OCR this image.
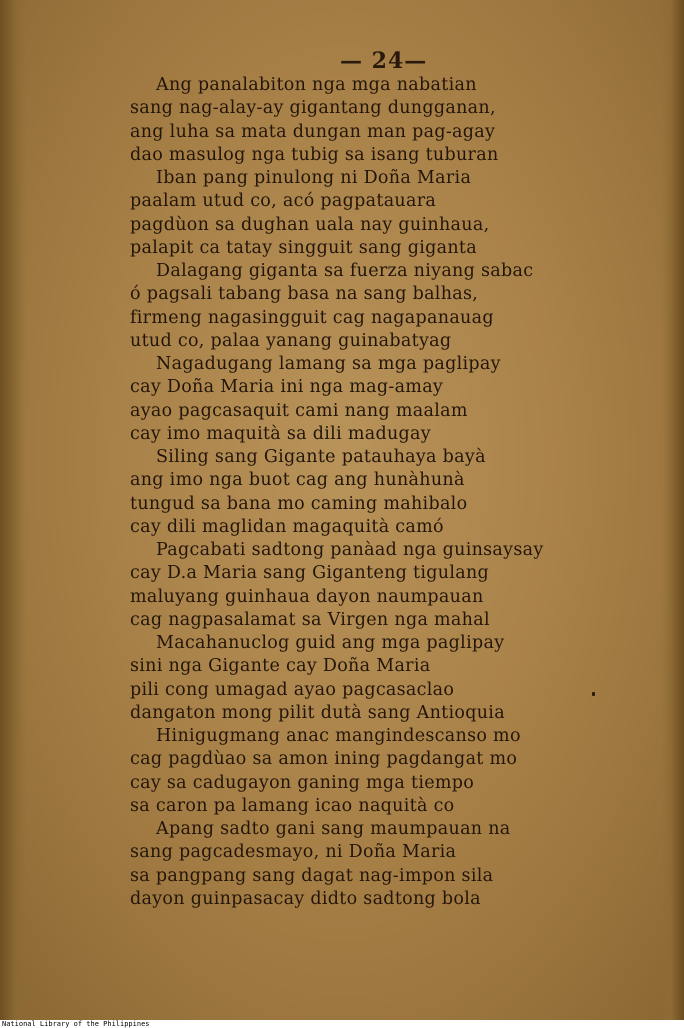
— 24—
Ang panalabiton nga mga nabatian
sang nag-alay-ay gigantang dungganan,
ang luha sa mata dungan man pag-agay
dao masulog nga tubig sa isang tuburan
Iban pang pinulong ni Doña Maria
paalam utud co, acó pagpatauara
pagdùon sa dughan uala nay guinhaua,
palapit ca tatay singguit sang giganta
Dalagang giganta sa fuerza niyang sabac
ó pagsali tabang basa na sang balhas,
firmeng nagasingguit cag nagapanauag
utud co, palaa yanang guinabatyag
Nagadugang lamang sa mga paglipay
cay Doña Maria ini nga mag-amay
ayao pagcasaquit cami nang maalam
cay imo maquità sa dili madugay
Siling sang Gigante patauhaya bayà
ang imo nga buot cag ang hunàhunà
tungud sa bana mo caming mahibalo
cay dili maglidan magaquità camó
Pagcabati sadtong panàad nga guinsaysay
cay D.a Maria sang Giganteng tigulang
maluyang guinhaua dayon naumpauan
cag nagpasalamat sa Virgen nga mahal
Macahanuclog guid ang mga paglipay
sini nga Gigante cay Doña Maria
pili cong umagad ayao pagcasaclao
dangaton mong pilit dutà sang Antioquia
Hinigugmang anac mangindescanso mo
cag pagdùao sa amon ining pagdangat mo
cay sa cadugayon ganing mga tiempo
sa caron pa lamang icao naquità co
Apang sadto gani sang maumpauan na
sang pagcadesmayo, ni Doña Maria
sa pangpang sang dagat nag-impon sila
dayon guinpasacay didto sadtong bola
National Library of the Philippines
